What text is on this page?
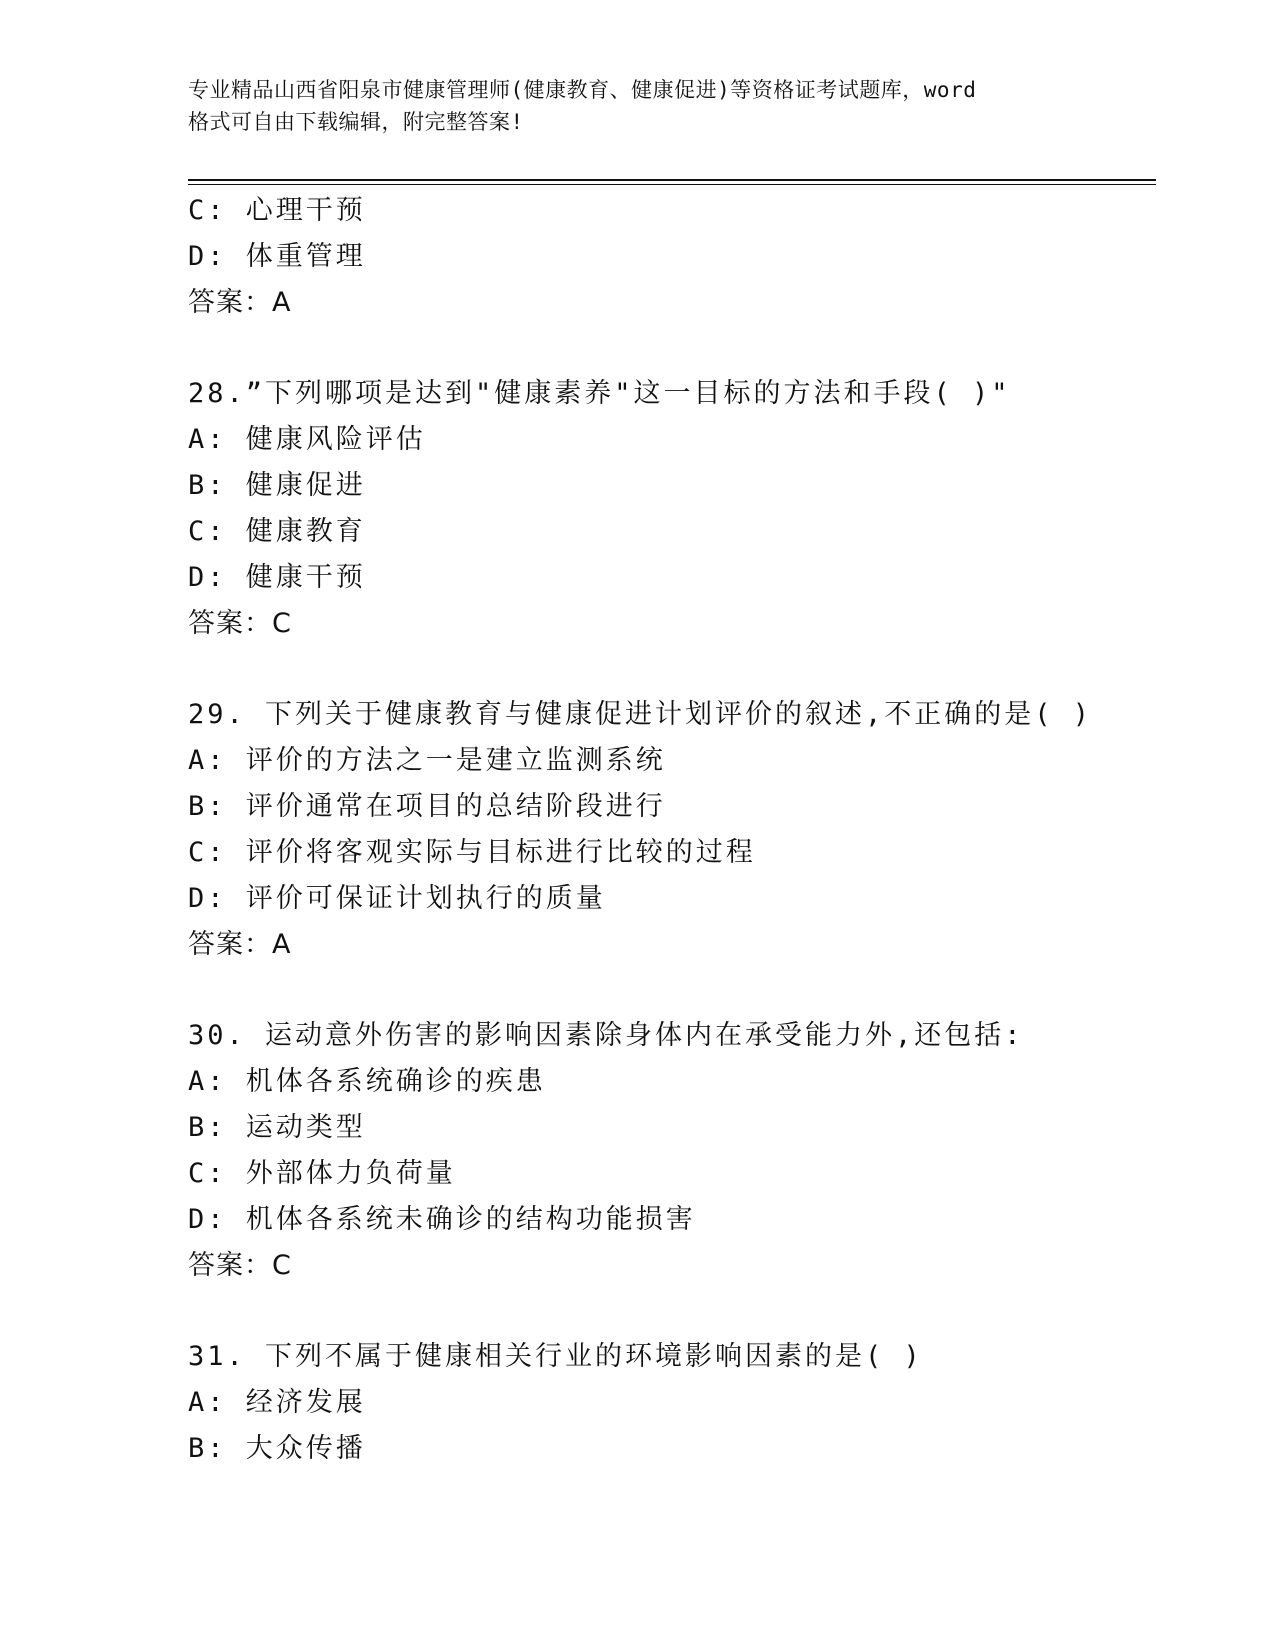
专业精品山西省阳泉市健康管理师(健康教育、健康促进)等资格证考试题库，word
格式可自由下载编辑，附完整答案!
C: 心理干预
D: 体重管理
答案：A
28.”下列哪项是达到"健康素养"这一目标的方法和手段( )"
A: 健康风险评估
B: 健康促进
C: 健康教育
D: 健康干预
答案：C
29. 下列关于健康教育与健康促进计划评价的叙述,不正确的是( )
A: 评价的方法之一是建立监测系统
B: 评价通常在项目的总结阶段进行
C: 评价将客观实际与目标进行比较的过程
D: 评价可保证计划执行的质量
答案：A
30. 运动意外伤害的影响因素除身体内在承受能力外,还包括:
A: 机体各系统确诊的疾患
B: 运动类型
C: 外部体力负荷量
D: 机体各系统未确诊的结构功能损害
答案：C
31. 下列不属于健康相关行业的环境影响因素的是( )
A: 经济发展
B: 大众传播
